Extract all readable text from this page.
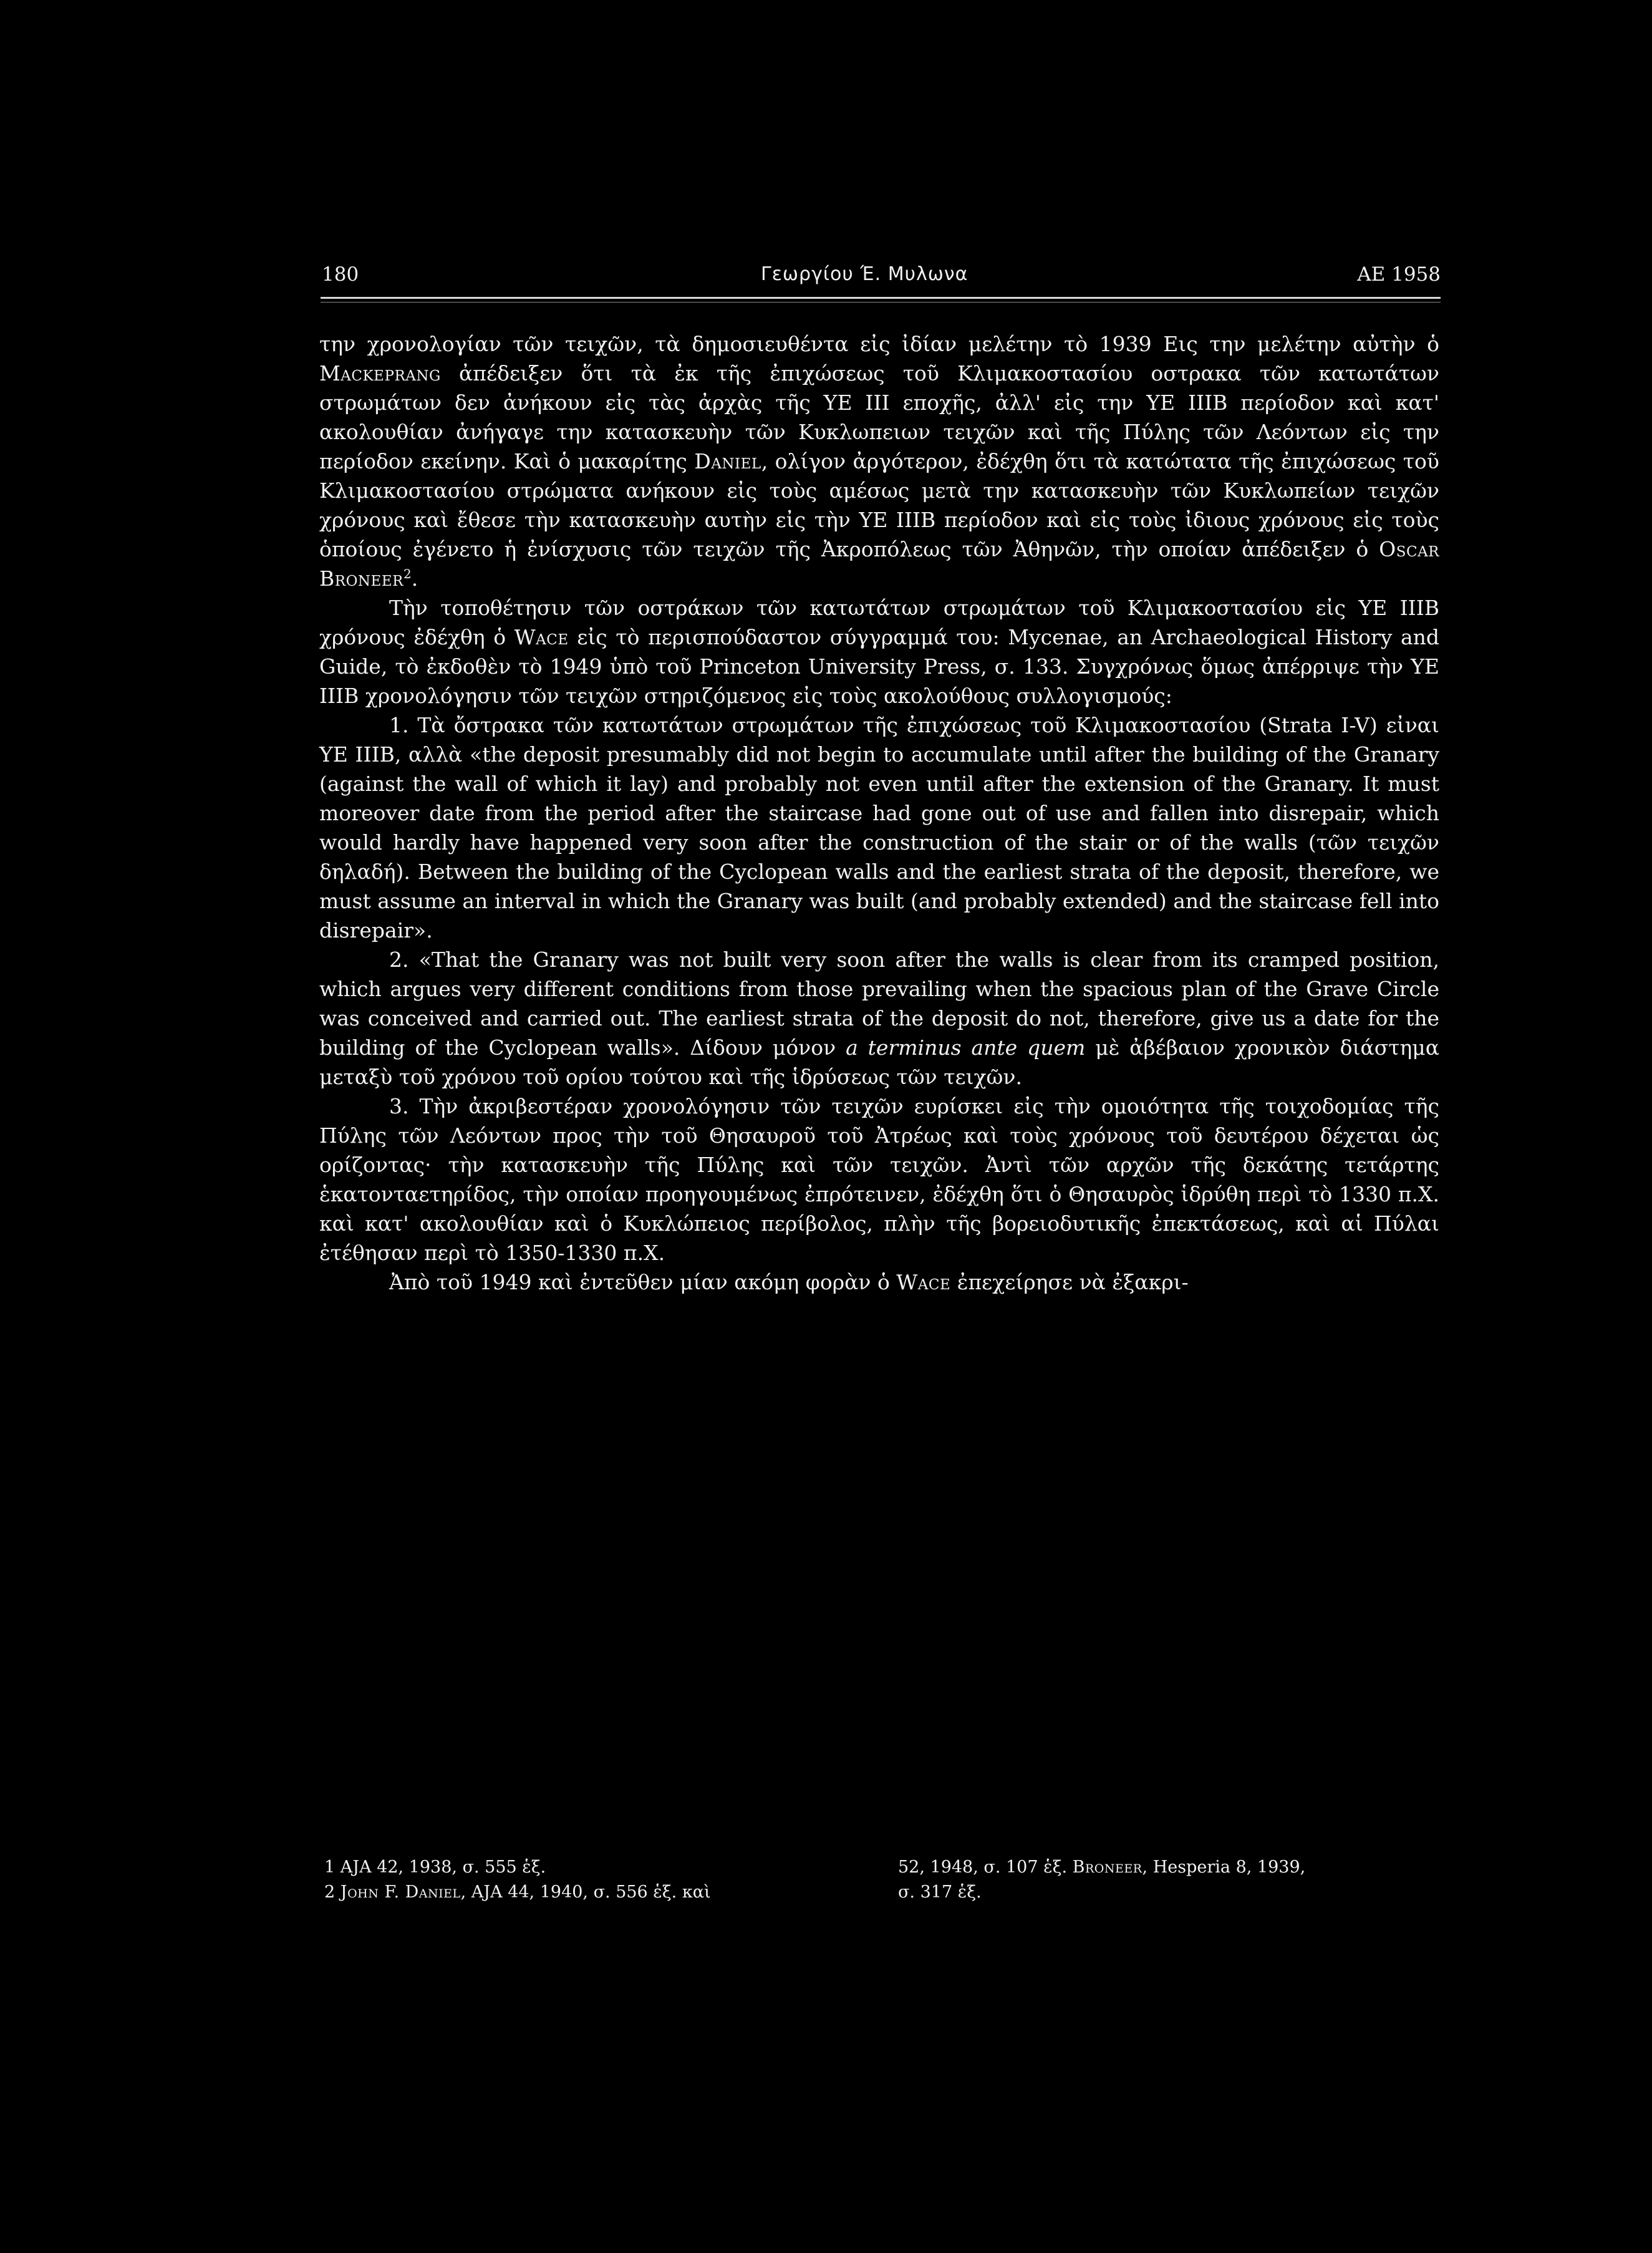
180	Γεωργίου Έ. Μυλωνα	ΑΕ 1958

την χρονολογίαν τῶν τειχῶν, τὰ δημοσιευθέντα εἰς ἰδίαν μελέτην τὸ 1939 Εις την μελέτην αὐτὴν ὁ Mackeprang ἀπέδειξεν ὅτι τὰ ἐκ τῆς ἐπιχώσεως τοῦ Κλιμακοστασίου οστρακα τῶν κατωτάτων στρωμάτων δεν ἀνήκουν εἰς τὰς ἀρχὰς τῆς ΥΕ ΙΙΙ εποχῆς, ἀλλ' εἰς την ΥΕ ΙΙΙΒ περίοδον καὶ κατ' ακολουθίαν ἀνήγαγε την κατασκευὴν τῶν Κυκλωπειων τειχῶν καὶ τῆς Πύλης τῶν Λεόντων εἰς την περίοδον εκείνην. Καὶ ὁ μακαρίτης Daniel, ολίγον ἀργότερον, ἐδέχθη ὅτι τὰ κατώτατα τῆς ἐπιχώσεως τοῦ Κλιμακοστασίου στρώματα ανήκουν εἰς τοὺς αμέσως μετὰ την κατασκευὴν τῶν Κυκλωπείων τειχῶν χρόνους καὶ ἔθεσε τὴν κατασκευὴν αυτὴν εἰς τὴν ΥΕ ΙΙΙΒ περίοδον καὶ εἰς τοὺς ἰδιους χρόνους εἰς τοὺς ὁποίους ἐγένετο ἡ ἐνίσχυσις τῶν τειχῶν τῆς Ἀκροπόλεως τῶν Ἀθηνῶν, τὴν οποίαν ἀπέδειξεν ὁ Oscar Broneer$^2$.

Τὴν τοποθέτησιν τῶν οστράκων τῶν κατωτάτων στρωμάτων τοῦ Κλιμακοστασίου εἰς ΥΕ ΙΙΙΒ χρόνους ἐδέχθη ὁ Wace εἰς τὸ περισπούδαστον σύγγραμμά του: Mycenae, an Archaeological History and Guide, τὸ ἐκδοθὲν τὸ 1949 ὑπὸ τοῦ Princeton University Press, σ. 133. Συγχρόνως ὅμως ἀπέρριψε τὴν ΥΕ ΙΙΙΒ χρονολόγησιν τῶν τειχῶν στηριζόμενος εἰς τοὺς ακολούθους συλλογισμούς:

1. Τὰ ὄστρακα τῶν κατωτάτων στρωμάτων τῆς ἐπιχώσεως τοῦ Κλιμακοστασίου (Strata I-V) εἰναι ΥΕ ΙΙΙΒ, αλλὰ «the deposit presumably did not begin to accumulate until after the building of the Granary (against the wall of which it lay) and probably not even until after the extension of the Granary. It must moreover date from the period after the staircase had gone out of use and fallen into disrepair, which would hardly have happened very soon after the construction of the stair or of the walls (τῶν τειχῶν δηλαδή). Between the building of the Cyclopean walls and the earliest strata of the deposit, therefore, we must assume an interval in which the Granary was built (and probably extended) and the staircase fell into disrepair».

2. «That the Granary was not built very soon after the walls is clear from its cramped position, which argues very different conditions from those prevailing when the spacious plan of the Grave Circle was conceived and carried out. The earliest strata of the deposit do not, therefore, give us a date for the building of the Cyclopean walls». Δίδουν μόνον a terminus ante quem μὲ ἀβέβαιον χρονικὸν διάστημα μεταξὺ τοῦ χρόνου τοῦ ορίου τούτου καὶ τῆς ἱδρύσεως τῶν τειχῶν.

3. Τὴν ἀκριβεστέραν χρονολόγησιν τῶν τειχῶν ευρίσκει εἰς τὴν ομοιότητα τῆς τοιχοδομίας τῆς Πύλης τῶν Λεόντων προς τὴν τοῦ Θησαυροῦ τοῦ Ἀτρέως καὶ τοὺς χρόνους τοῦ δευτέρου δέχεται ὡς ορίζοντας· τὴν κατασκευὴν τῆς Πύλης καὶ τῶν τειχῶν. Ἀντὶ τῶν αρχῶν τῆς δεκάτης τετάρτης ἑκατονταετηρίδος, τὴν οποίαν προηγουμένως ἐπρότεινεν, ἐδέχθη ὅτι ὁ Θησαυρὸς ἱδρύθη περὶ τὸ 1330 π.Χ. καὶ κατ' ακολουθίαν καὶ ὁ Κυκλώπειος περίβολος, πλὴν τῆς βορειοδυτικῆς ἐπεκτάσεως, καὶ αἱ Πύλαι ἐτέθησαν περὶ τὸ 1350-1330 π.Χ.

Ἀπὸ τοῦ 1949 καὶ ἐντεῦθεν μίαν ακόμη φορὰν ὁ Wace ἐπεχείρησε νὰ ἐξακρι-

1 AJA 42, 1938, σ. 555 ἑξ.	52, 1948, σ. 107 ἑξ. Broneer, Hesperia 8, 1939,
2 John F. Daniel, AJA 44, 1940, σ. 556 ἑξ. καὶ	σ. 317 ἑξ.
